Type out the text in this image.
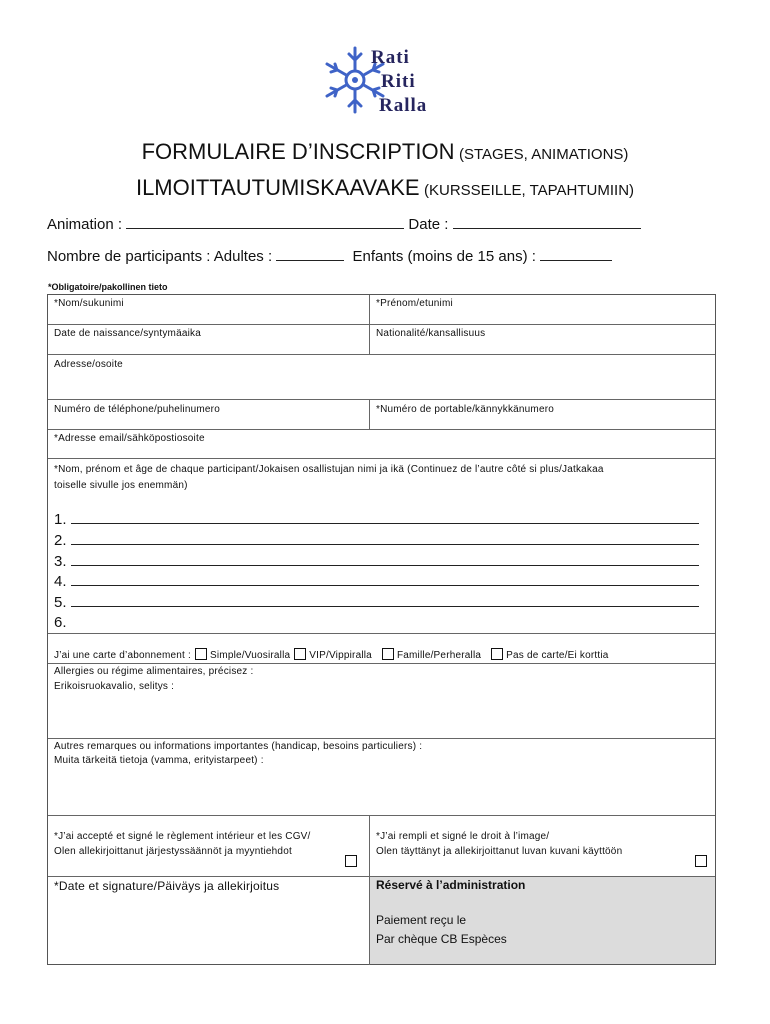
Rati
Riti
Ralla
FORMULAIRE D’INSCRIPTION (STAGES, ANIMATIONS)
ILMOITTAUTUMISKAAVAKE (KURSSEILLE, TAPAHTUMIIN)
Animation :	Date :
Nombre de participants : Adultes :	Enfants (moins de 15 ans) :
*Obligatoire/pakollinen tieto
*Nom/sukunimi	*Prénom/etunimi
Date de naissance/syntymäaika	Nationalité/kansallisuus
Adresse/osoite
Numéro de téléphone/puhelinumero	*Numéro de portable/kännykkänumero
*Adresse email/sähköpostiosoite
*Nom, prénom et âge de chaque participant/Jokaisen osallistujan nimi ja ikä (Continuez de l’autre côté si plus/Jatkakaa
toiselle sivulle jos enemmän)
1.
2.
3.
4.
5.
6.
J’ai une carte d’abonnement : Simple/Vuosiralla VIP/Vippiralla	Famille/Perheralla	Pas de carte/Ei korttia
Allergies ou régime alimentaires, précisez :
Erikoisruokavalio, selitys :
Autres remarques ou informations importantes (handicap, besoins particuliers) :
Muita tärkeitä tietoja (vamma, erityistarpeet) :
*J’ai accepté et signé le règlement intérieur et les CGV/
Olen allekirjoittanut järjestyssäännöt ja myyntiehdot
*J’ai rempli et signé le droit à l’image/
Olen täyttänyt ja allekirjoittanut luvan kuvani käyttöön
*Date et signature/Päiväys ja allekirjoitus	Réservé à l’administration
Paiement reçu le
Par chèque CB Espèces
